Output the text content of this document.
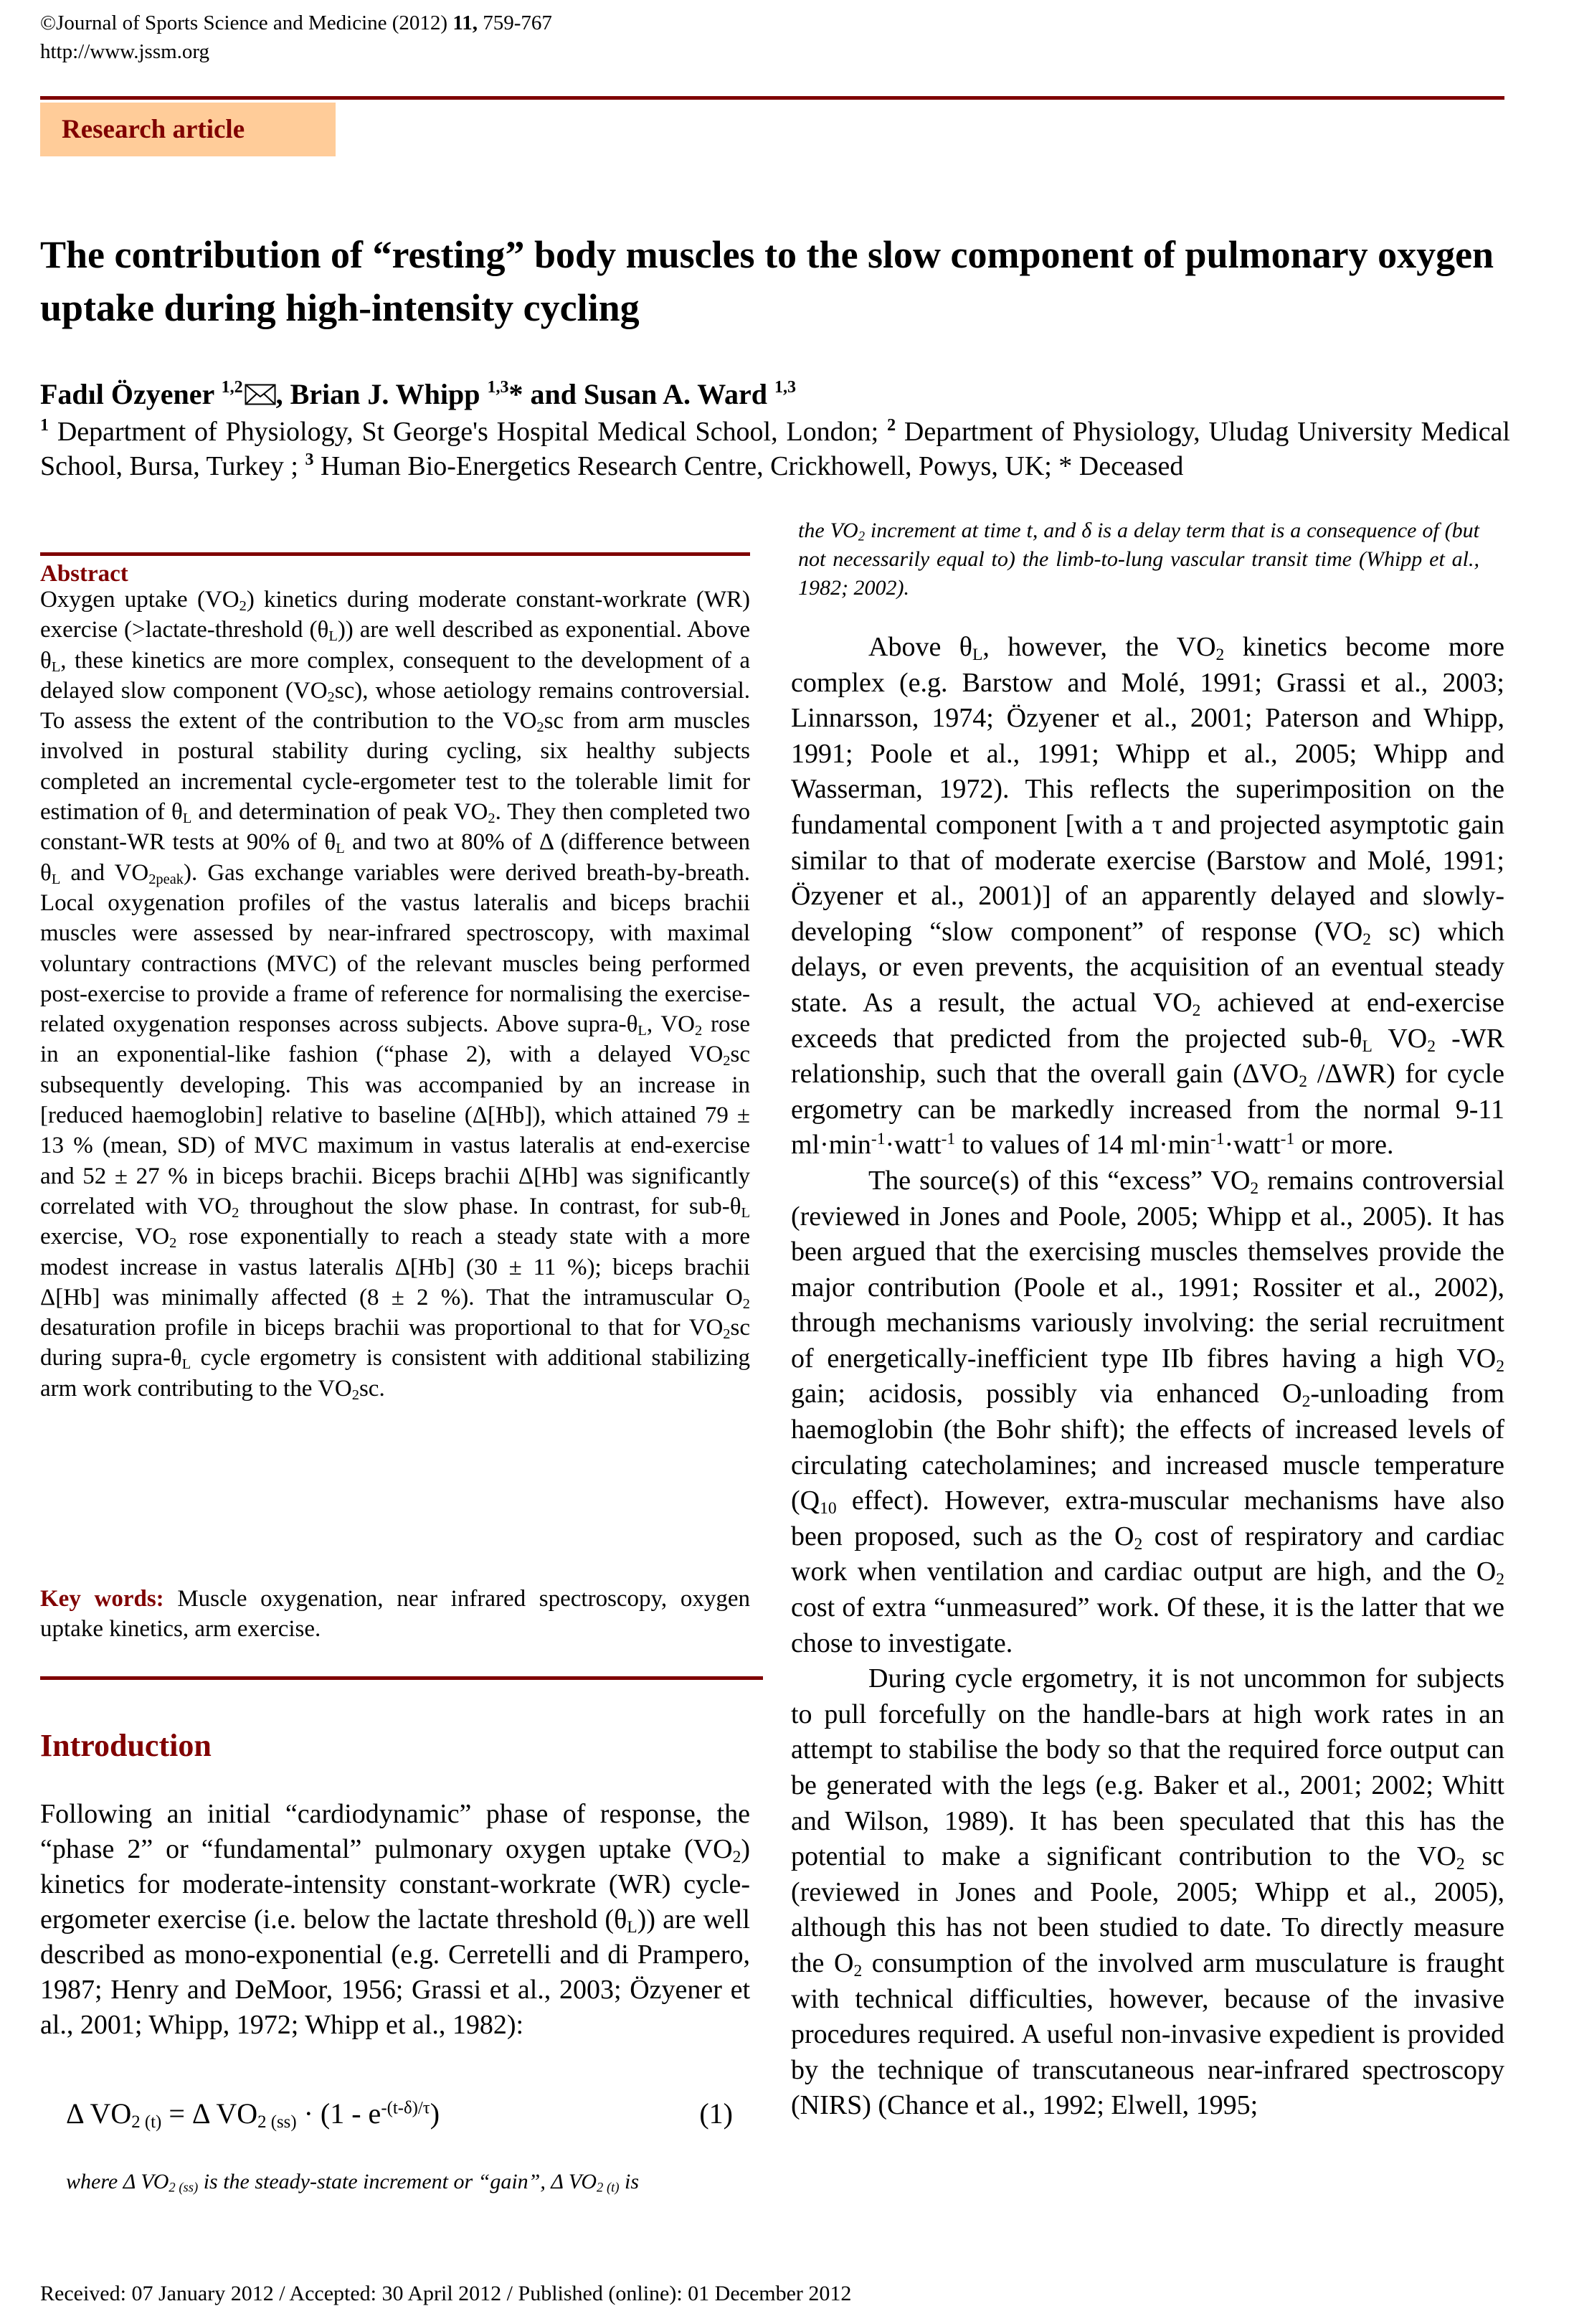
©Journal of Sports Science and Medicine (2012) 11, 759-767
http://www.jssm.org
Research article
The contribution of “resting” body muscles to the slow component of pulmonary oxygen uptake during high-intensity cycling
Fadıl Özyener $^{1,2}$ , Brian J. Whipp $^{1,3}$* and Susan A. Ward $^{1,3}$
$^1$ Department of Physiology, St George's Hospital Medical School, London; $^2$ Department of Physiology, Uludag University Medical School, Bursa, Turkey ; $^3$ Human Bio-Energetics Research Centre, Crickhowell, Powys, UK; * Deceased
Abstract
Oxygen uptake $(VO_2)$ kinetics during moderate constant-workrate (WR) exercise (>lactate-threshold $(\theta_L)$) are well described as exponential. Above $\theta_L$, these kinetics are more complex, consequent to the development of a delayed slow component $(VO_2sc)$, whose aetiology remains controversial. To assess the extent of the contribution to the $VO_2sc$ from arm muscles involved in postural stability during cycling, six healthy subjects completed an incremental cycle-ergometer test to the tolerable limit for estimation of $\theta_L$ and determination of peak $VO_2$. They then completed two constant-WR tests at 90% of $\theta_L$ and two at 80% of Δ (difference between $\theta_L$ and $VO_{2peak}$). Gas exchange variables were derived breath-by-breath. Local oxygenation profiles of the vastus lateralis and biceps brachii muscles were assessed by near-infrared spectroscopy, with maximal voluntary contractions (MVC) of the relevant muscles being performed post-exercise to provide a frame of reference for normalising the exercise-related oxygenation responses across subjects. Above supra-$\theta_L$, $VO_2$ rose in an exponential-like fashion (“phase 2), with a delayed $VO_2sc$ subsequently developing. This was accompanied by an increase in [reduced haemoglobin] relative to baseline (Δ[Hb]), which attained 79 ± 13 % (mean, SD) of MVC maximum in vastus lateralis at end-exercise and 52 ± 27 % in biceps brachii. Biceps brachii Δ[Hb] was significantly correlated with $VO_2$ throughout the slow phase. In contrast, for sub-$\theta_L$ exercise, $VO_2$ rose exponentially to reach a steady state with a more modest increase in vastus lateralis Δ[Hb] (30 ± 11 %); biceps brachii Δ[Hb] was minimally affected (8 ± 2 %). That the intramuscular $O_2$ desaturation profile in biceps brachii was proportional to that for $VO_2sc$ during supra-$\theta_L$ cycle ergometry is consistent with additional stabilizing arm work contributing to the $VO_2sc$.
Key words: Muscle oxygenation, near infrared spectroscopy, oxygen uptake kinetics, arm exercise.
Introduction

Following an initial “cardiodynamic” phase of response, the “phase 2” or “fundamental” pulmonary oxygen uptake $(VO_2)$ kinetics for moderate-intensity constant-workrate (WR) cycle-ergometer exercise (i.e. below the lactate threshold $(\theta_L)$) are well described as mono-exponential (e.g. Cerretelli and di Prampero, 1987; Henry and DeMoor, 1956; Grassi et al., 2003; Özyener et al., 2001; Whipp, 1972; Whipp et al., 1982):

Δ $VO_{2 (t)} = \Delta$ $VO_{2 (ss)} \cdot (1 - e^{-(t-\delta)/\tau})$	(1)
where Δ $VO_{2 (ss)}$ is the steady-state increment or “gain”, Δ $VO_{2 (t)}$ is
the $VO_2$ increment at time t, and δ is a delay term that is a consequence of (but not necessarily equal to) the limb-to-lung vascular transit time (Whipp et al., 1982; 2002).

Above $\theta_L$, however, the $VO_2$ kinetics become more complex (e.g. Barstow and Molé, 1991; Grassi et al., 2003; Linnarsson, 1974; Özyener et al., 2001; Paterson and Whipp, 1991; Poole et al., 1991; Whipp et al., 2005; Whipp and Wasserman, 1972). This reflects the superimposition on the fundamental component [with a τ and projected asymptotic gain similar to that of moderate exercise (Barstow and Molé, 1991; Özyener et al., 2001)] of an apparently delayed and slowly-developing “slow component” of response ($VO_2$ sc) which delays, or even prevents, the acquisition of an eventual steady state. As a result, the actual $VO_2$ achieved at end-exercise exceeds that predicted from the projected sub-$\theta_L$ $VO_2$ -WR relationship, such that the overall gain ($\Delta VO_2$ /ΔWR) for cycle ergometry can be markedly increased from the normal 9-11 $ml\cdot\min^{-1}\cdot watt^{-1}$ to values of 14 $ml\cdot\min^{-1}\cdot watt^{-1}$ or more.

The source(s) of this “excess” $VO_2$ remains controversial (reviewed in Jones and Poole, 2005; Whipp et al., 2005). It has been argued that the exercising muscles themselves provide the major contribution (Poole et al., 1991; Rossiter et al., 2002), through mechanisms variously involving: the serial recruitment of energetically-inefficient type IIb fibres having a high $VO_2$ gain; acidosis, possibly via enhanced $O_2$-unloading from haemoglobin (the Bohr shift); the effects of increased levels of circulating catecholamines; and increased muscle temperature ($Q_{10}$ effect). However, extra-muscular mechanisms have also been proposed, such as the $O_2$ cost of respiratory and cardiac work when ventilation and cardiac output are high, and the $O_2$ cost of extra “unmeasured” work. Of these, it is the latter that we chose to investigate.

During cycle ergometry, it is not uncommon for subjects to pull forcefully on the handle-bars at high work rates in an attempt to stabilise the body so that the required force output can be generated with the legs (e.g. Baker et al., 2001; 2002; Whitt and Wilson, 1989). It has been speculated that this has the potential to make a significant contribution to the $VO_2$ sc (reviewed in Jones and Poole, 2005; Whipp et al., 2005), although this has not been studied to date. To directly measure the $O_2$ consumption of the involved arm musculature is fraught with technical difficulties, however, because of the invasive procedures required. A useful non-invasive expedient is provided by the technique of transcutaneous near-infrared spectroscopy (NIRS) (Chance et al., 1992; Elwell, 1995;

Received: 07 January 2012 / Accepted: 30 April 2012 / Published (online): 01 December 2012
